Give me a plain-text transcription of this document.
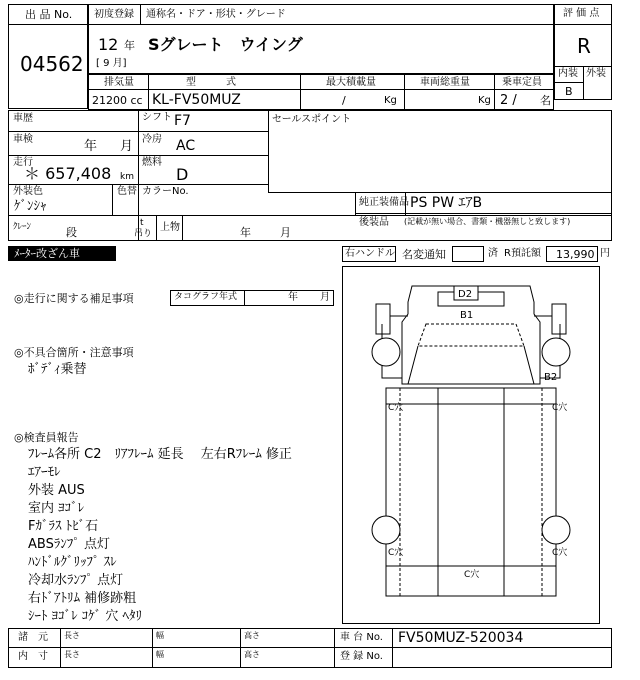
出 品 No.
04562
初度登録 通称名・ドア・形状・グレード
12 年
[ 9 月]
Sグレート　ウイング
評 価 点
R
内装 外装
B
排気量	型　　　式	最大積載量	車両総重量	乗車定員
21200 cc KL-FV50MUZ	/	Kg	Kg 2 / 名
車歴	シフト F7
車検	年 月 冷房 AC
走行
＊ 657,408 km
燃料
D
外装色	色替 カラーNo.
ｹﾞﾝｼｬ
ｸﾚｰﾝ	段
t
吊り
上物	年	月
セールスポイント
純正装備品 PS PW ｴｱB
後装品 (記載が無い場合、書類・機器無しと致します)
ﾒｰﾀｰ改ざん車	右ハンドル 名変通知	済 R預託額 13,990 円
◎走行に関する補足事項	タコグラフ年式	年 月
◎不具合箇所・注意事項
ﾎﾞﾃﾞｨ乗替
◎検査員報告
ﾌﾚｰﾑ各所 C2　ﾘｱﾌﾚｰﾑ 延長　 左右Rﾌﾚｰﾑ 修正
ｴｱｰﾓﾚ
外装 AUS
室内 ﾖｺﾞﾚ
Fｶﾞﾗｽ ﾄﾋﾞ石
ABSﾗﾝﾌﾟ 点灯
ﾊﾝﾄﾞﾙｸﾞﾘｯﾌﾟ ｽﾚ
冷却水ﾗﾝﾌﾟ 点灯
右ﾄﾞｱﾄﾘﾑ 補修跡粗
ｼｰﾄ ﾖｺﾞﾚ ｺｹﾞ 穴 ﾍﾀﾘ
D2
B1
B2
C穴	C穴
C穴	C穴
C穴
諸　元
内　寸
長さ	幅	高さ
長さ	幅	高さ
車 台 No. FV50MUZ-520034
登 録 No.
